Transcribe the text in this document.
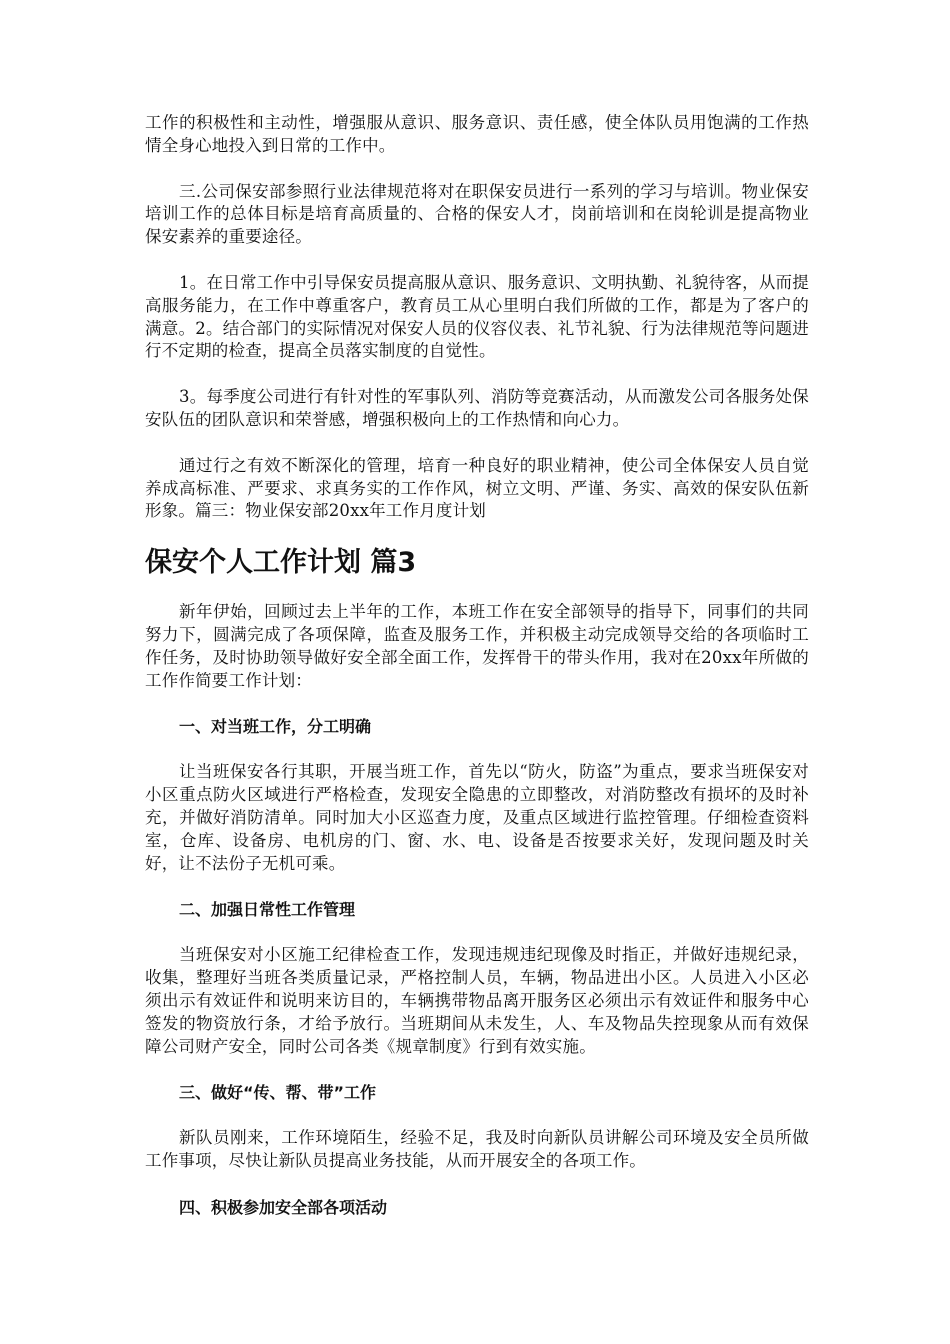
工作的积极性和主动性，增强服从意识、服务意识、责任感，使全体队员用饱满的工作热情全身心地投入到日常的工作中。

三.公司保安部参照行业法律规范将对在职保安员进行一系列的学习与培训。物业保安培训工作的总体目标是培育高质量的、合格的保安人才，岗前培训和在岗轮训是提高物业保安素养的重要途径。

1。在日常工作中引导保安员提高服从意识、服务意识、文明执勤、礼貌待客，从而提高服务能力，在工作中尊重客户，教育员工从心里明白我们所做的工作，都是为了客户的满意。2。结合部门的实际情况对保安人员的仪容仪表、礼节礼貌、行为法律规范等问题进行不定期的检查，提高全员落实制度的自觉性。

3。每季度公司进行有针对性的军事队列、消防等竞赛活动，从而激发公司各服务处保安队伍的团队意识和荣誉感，增强积极向上的工作热情和向心力。

通过行之有效不断深化的管理，培育一种良好的职业精神，使公司全体保安人员自觉养成高标准、严要求、求真务实的工作作风，树立文明、严谨、务实、高效的保安队伍新形象。篇三：物业保安部20xx年工作月度计划

保安个人工作计划 篇3

新年伊始，回顾过去上半年的工作，本班工作在安全部领导的指导下，同事们的共同努力下，圆满完成了各项保障，监查及服务工作，并积极主动完成领导交给的各项临时工作任务，及时协助领导做好安全部全面工作，发挥骨干的带头作用，我对在20xx年所做的工作作简要工作计划：

一、对当班工作，分工明确

让当班保安各行其职，开展当班工作，首先以“防火，防盗”为重点，要求当班保安对小区重点防火区域进行严格检查，发现安全隐患的立即整改，对消防整改有损坏的及时补充，并做好消防清单。同时加大小区巡查力度，及重点区域进行监控管理。仔细检查资料室，仓库、设备房、电机房的门、窗、水、电、设备是否按要求关好，发现问题及时关好，让不法份子无机可乘。

二、加强日常性工作管理

当班保安对小区施工纪律检查工作，发现违规违纪现像及时指正，并做好违规纪录，收集，整理好当班各类质量记录，严格控制人员，车辆，物品进出小区。人员进入小区必须出示有效证件和说明来访目的，车辆携带物品离开服务区必须出示有效证件和服务中心签发的物资放行条，才给予放行。当班期间从未发生，人、车及物品失控现象从而有效保障公司财产安全，同时公司各类《规章制度》行到有效实施。

三、做好“传、帮、带”工作

新队员刚来，工作环境陌生，经验不足，我及时向新队员讲解公司环境及安全员所做工作事项，尽快让新队员提高业务技能，从而开展安全的各项工作。

四、积极参加安全部各项活动
